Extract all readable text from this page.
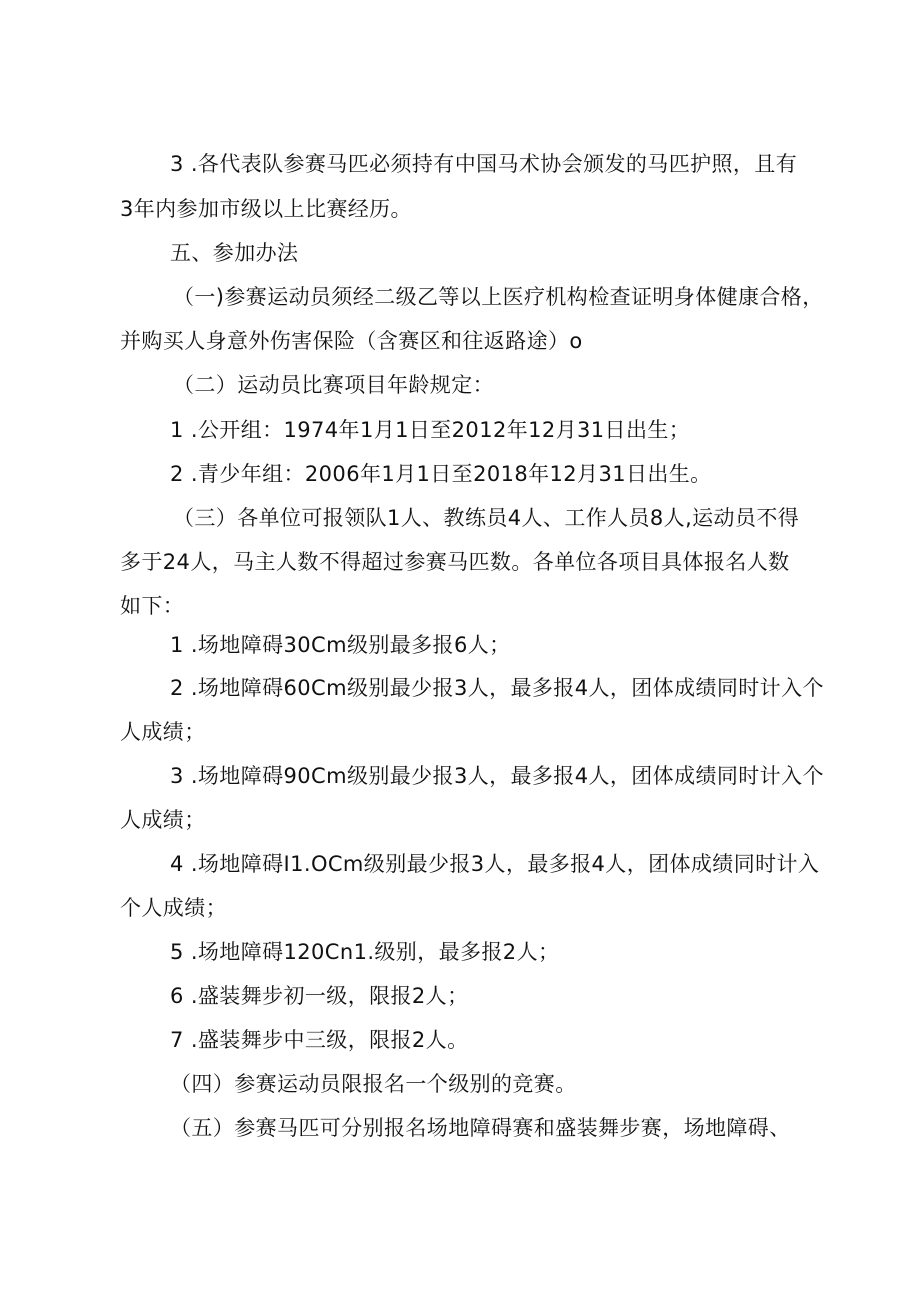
3 .各代表队参赛马匹必须持有中国马术协会颁发的马匹护照，且有
3年内参加市级以上比赛经历。
五、参加办法
（一)参赛运动员须经二级乙等以上医疗机构检查证明身体健康合格，
并购买人身意外伤害保险（含赛区和往返路途）o
（二）运动员比赛项目年龄规定：
1 .公开组：1974年1月1日至2012年12月31日出生；
2 .青少年组：2006年1月1日至2018年12月31日出生。
（三）各单位可报领队1人、教练员4人、工作人员8人,运动员不得
多于24人，马主人数不得超过参赛马匹数。各单位各项目具体报名人数
如下：
1 .场地障碍30Cm级别最多报6人；
2 .场地障碍60Cm级别最少报3人，最多报4人，团体成绩同时计入个
人成绩；
3 .场地障碍90Cm级别最少报3人，最多报4人，团体成绩同时计入个
人成绩；
4 .场地障碍I1.OCm级别最少报3人，最多报4人，团体成绩同时计入
个人成绩；
5 .场地障碍120Cn1.级别，最多报2人；
6 .盛装舞步初一级，限报2人；
7 .盛装舞步中三级，限报2人。
（四）参赛运动员限报名一个级别的竞赛。
（五）参赛马匹可分别报名场地障碍赛和盛装舞步赛，场地障碍、
